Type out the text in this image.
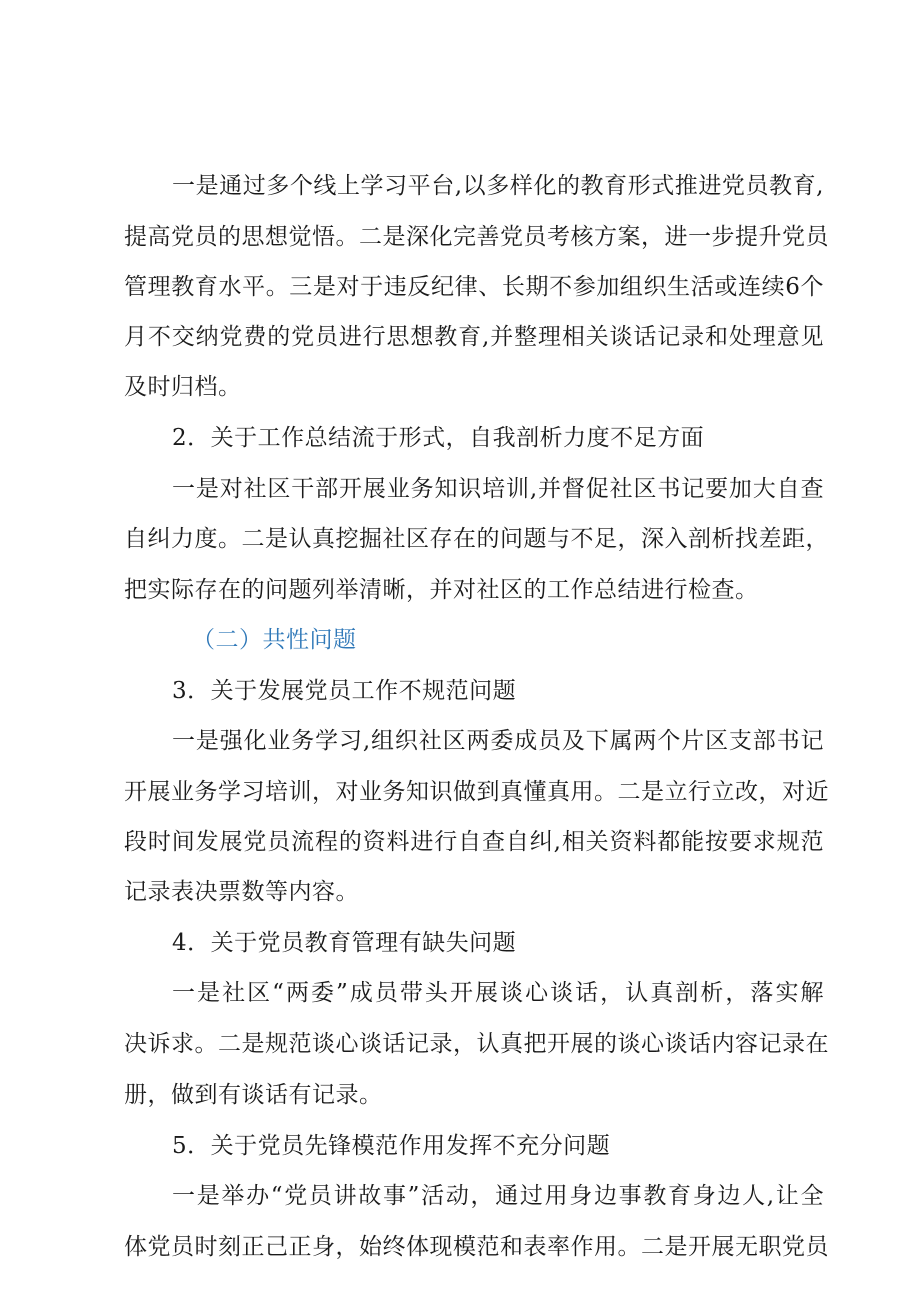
一是通过多个线上学习平台,以多样化的教育形式推进党员教育,
提高党员的思想觉悟。二是深化完善党员考核方案，进一步提升党员
管理教育水平。三是对于违反纪律、长期不参加组织生活或连续6个
月不交纳党费的党员进行思想教育,并整理相关谈话记录和处理意见
及时归档。
2．关于工作总结流于形式，自我剖析力度不足方面
一是对社区干部开展业务知识培训,并督促社区书记要加大自查
自纠力度。二是认真挖掘社区存在的问题与不足，深入剖析找差距，
把实际存在的问题列举清晰，并对社区的工作总结进行检查。
（二）共性问题
3．关于发展党员工作不规范问题
一是强化业务学习,组织社区两委成员及下属两个片区支部书记
开展业务学习培训，对业务知识做到真懂真用。二是立行立改，对近
段时间发展党员流程的资料进行自查自纠,相关资料都能按要求规范
记录表决票数等内容。
4．关于党员教育管理有缺失问题
一是社区“两委”成员带头开展谈心谈话，认真剖析，落实解
决诉求。二是规范谈心谈话记录，认真把开展的谈心谈话内容记录在
册，做到有谈话有记录。
5．关于党员先锋模范作用发挥不充分问题
一是举办“党员讲故事”活动，通过用身边事教育身边人,让全
体党员时刻正己正身，始终体现模范和表率作用。二是开展无职党员
